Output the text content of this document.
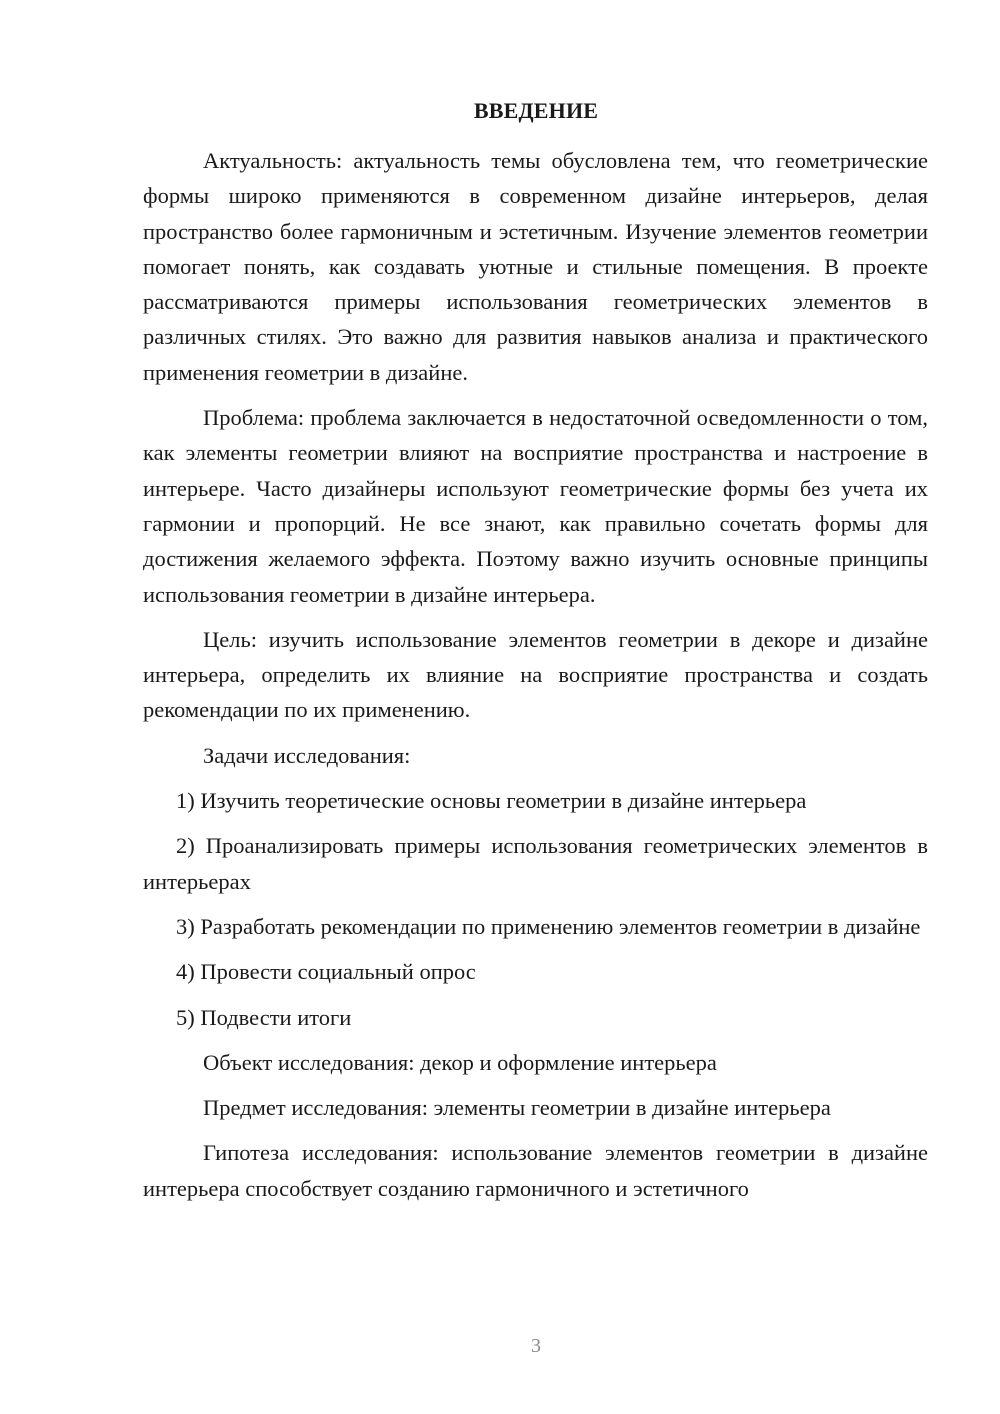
ВВЕДЕНИЕ

Актуальность: актуальность темы обусловлена тем, что геометрические формы широко применяются в современном дизайне интерьеров, делая пространство более гармоничным и эстетичным. Изучение элементов геометрии помогает понять, как создавать уютные и стильные помещения. В проекте рассматриваются примеры использования геометрических элементов в различных стилях. Это важно для развития навыков анализа и практического применения геометрии в дизайне.

Проблема: проблема заключается в недостаточной осведомленности о том, как элементы геометрии влияют на восприятие пространства и настроение в интерьере. Часто дизайнеры используют геометрические формы без учета их гармонии и пропорций. Не все знают, как правильно сочетать формы для достижения желаемого эффекта. Поэтому важно изучить основные принципы использования геометрии в дизайне интерьера.

Цель: изучить использование элементов геометрии в декоре и дизайне интерьера, определить их влияние на восприятие пространства и создать рекомендации по их применению.

Задачи исследования:

1) Изучить теоретические основы геометрии в дизайне интерьера

2) Проанализировать примеры использования геометрических элементов в интерьерах

3) Разработать рекомендации по применению элементов геометрии в дизайне

4) Провести социальный опрос

5) Подвести итоги

Объект исследования: декор и оформление интерьера

Предмет исследования: элементы геометрии в дизайне интерьера

Гипотеза исследования: использование элементов геометрии в дизайне интерьера способствует созданию гармоничного и эстетичного

3
